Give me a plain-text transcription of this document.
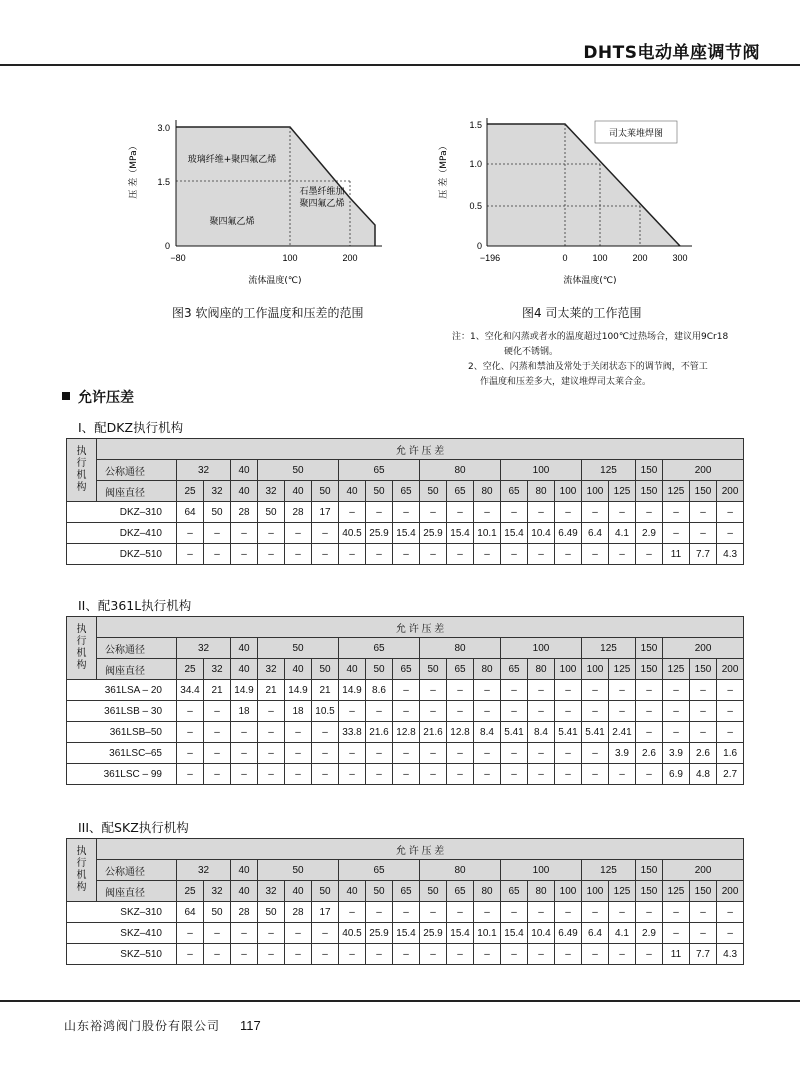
DHTS电动单座调节阀
3.0
1.5
0
−80	100	200
玻璃纤维+聚四氟乙烯
石墨纤维加
聚四氟乙烯
聚四氟乙烯
压 差（MPa）
流体温度(℃)
图3 软阀座的工作温度和压差的范围
司太莱堆焊图
1.5
1.0
0.5
0
−196	0	100	200	300
压 差（MPa）
流体温度(℃)
图4 司太莱的工作范围
注：1、空化和闪蒸或者水的温度超过100℃过热场合，建议用9Cr18
硬化不锈钢。
2、空化、闪蒸和禁油及常处于关闭状态下的调节阀，不管工
作温度和压差多大，建议堆焊司太莱合金。
允许压差
I、配DKZ执行机构
II、配361L执行机构
III、配SKZ执行机构
执
行
机
构	允 许 压 差																					
	公称通径	32		40	50			65			80			100			125		150	200		
	阀座直径	25	32	40	32	40	50	40	50	65	50	65	80	65	80	100	100	125	150	125	150	200
DKZ–310		64	50	28	50	28	17	–	–	–	–	–	–	–	–	–	–	–	–	–	–	–
DKZ–410		–	–	–	–	–	–	40.5	25.9	15.4	25.9	15.4	10.1	15.4	10.4	6.49	6.4	4.1	2.9	–	–	–
DKZ–510		–	–	–	–	–	–	–	–	–	–	–	–	–	–	–	–	–	–	11	7.7	4.3
执
行
机
构	允 许 压 差																					
	公称通径	32		40	50			65			80			100			125		150	200		
	阀座直径	25	32	40	32	40	50	40	50	65	50	65	80	65	80	100	100	125	150	125	150	200
361LSA – 20		34.4	21	14.9	21	14.9	21	14.9	8.6	–	–	–	–	–	–	–	–	–	–	–	–	–
361LSB – 30		–	–	18	–	18	10.5	–	–	–	–	–	–	–	–	–	–	–	–	–	–	–
361LSB–50		–	–	–	–	–	–	33.8	21.6	12.8	21.6	12.8	8.4	5.41	8.4	5.41	5.41	2.41	–	–	–	–
361LSC–65		–	–	–	–	–	–	–	–	–	–	–	–	–	–	–	–	3.9	2.6	3.9	2.6	1.6
361LSC – 99		–	–	–	–	–	–	–	–	–	–	–	–	–	–	–	–	–	–	6.9	4.8	2.7
执
行
机
构	允 许 压 差																					
	公称通径	32		40	50			65			80			100			125		150	200		
	阀座直径	25	32	40	32	40	50	40	50	65	50	65	80	65	80	100	100	125	150	125	150	200
SKZ–310		64	50	28	50	28	17	–	–	–	–	–	–	–	–	–	–	–	–	–	–	–
SKZ–410		–	–	–	–	–	–	40.5	25.9	15.4	25.9	15.4	10.1	15.4	10.4	6.49	6.4	4.1	2.9	–	–	–
SKZ–510		–	–	–	–	–	–	–	–	–	–	–	–	–	–	–	–	–	–	11	7.7	4.3
山东裕鸿阀门股份有限公司 117
